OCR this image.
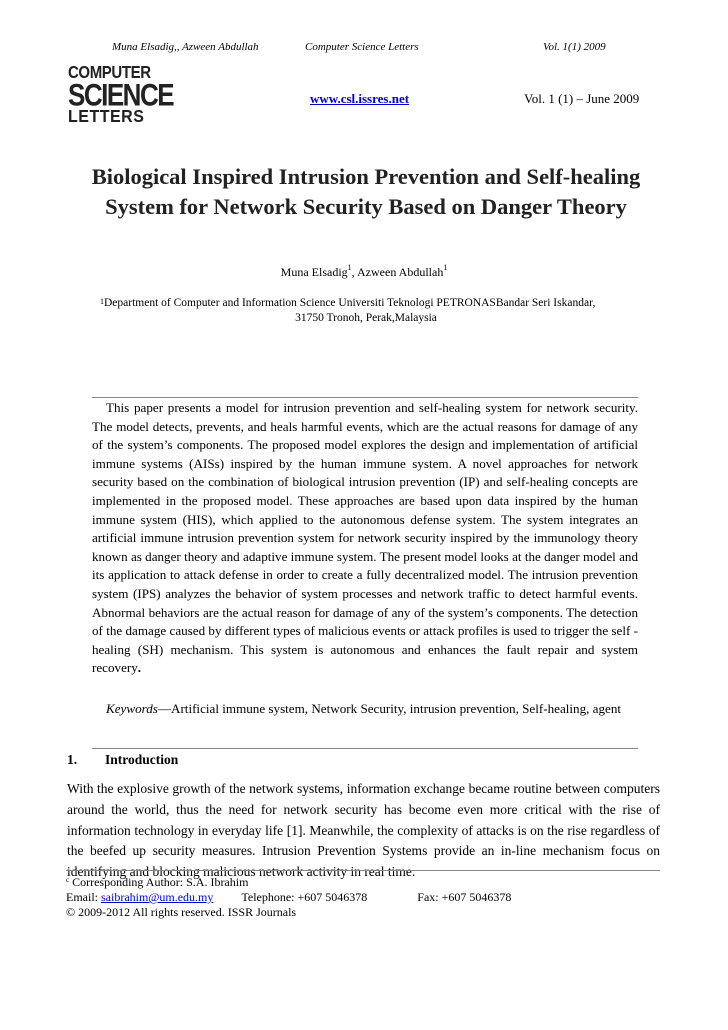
Muna Elsadig,, Azween Abdullah	Computer Science Letters	Vol. 1(1) 2009
COMPUTER
SCIENCE
LETTERS
www.csl.issres.net	Vol. 1 (1) – June 2009
Biological Inspired Intrusion Prevention and Self-healing System for Network Security Based on Danger Theory
Muna Elsadig$^1$, Azween Abdullah$^1$
$^1$Department of Computer and Information Science Universiti Teknologi PETRONASBandar Seri Iskandar,
31750 Tronoh, Perak,Malaysia

This paper presents a model for intrusion prevention and self-healing system for network security. The model detects, prevents, and heals harmful events, which are the actual reasons for damage of any of the system’s components. The proposed model explores the design and implementation of artificial immune systems (AISs) inspired by the human immune system. A novel approaches for network security based on the combination of biological intrusion prevention (IP) and self-healing concepts are implemented in the proposed model. These approaches are based upon data inspired by the human immune system (HIS), which applied to the autonomous defense system. The system integrates an artificial immune intrusion prevention system for network security inspired by the immunology theory known as danger theory and adaptive immune system. The present model looks at the danger model and its application to attack defense in order to create a fully decentralized model. The intrusion prevention system (IPS) analyzes the behavior of system processes and network traffic to detect harmful events. Abnormal behaviors are the actual reason for damage of any of the system’s components. The detection of the damage caused by different types of malicious events or attack profiles is used to trigger the self - healing (SH) mechanism. This system is autonomous and enhances the fault repair and system recovery.

Keywords—Artificial immune system, Network Security, intrusion prevention, Self-healing, agent

1. Introduction

With the explosive growth of the network systems, information exchange became routine between computers around the world, thus the need for network security has become even more critical with the rise of information technology in everyday life [1]. Meanwhile, the complexity of attacks is on the rise regardless of the beefed up security measures. Intrusion Prevention Systems provide an in-line mechanism focus on identifying and blocking malicious network activity in real time.

$^c$ Corresponding Author: S.A. Ibrahim
Email: saibrahim@um.edu.my Telephone: +607 5046378	Fax: +607 5046378
© 2009-2012 All rights reserved. ISSR Journals
